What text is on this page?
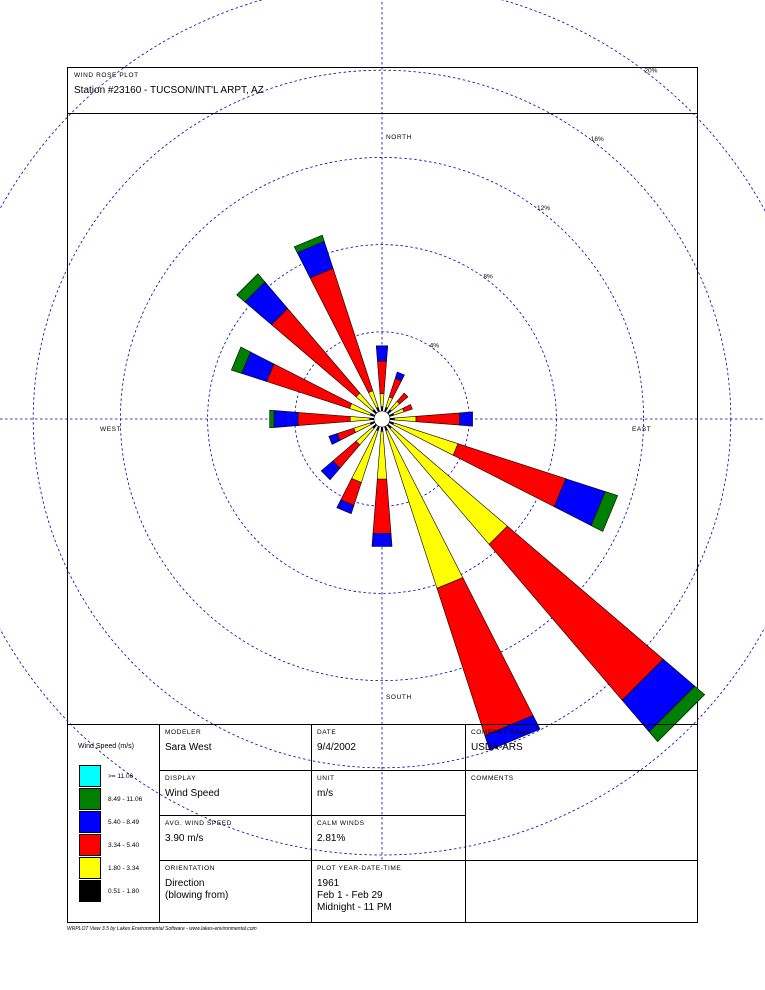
WIND ROSE PLOT
Station #23160 - TUCSON/INT'L ARPT, AZ
4%
8%
12%
16%
20%
NORTH
SOUTH
EAST
WEST
Wind Speed (m/s)
>= 11.06
8.49 - 11.06
5.40 - 8.49
3.34 - 5.40
1.80 - 3.34
0.51 - 1.80
MODELER
Sara West
DATE
9/4/2002
COMPANY NAME
USDA-ARS
DISPLAY
Wind Speed
UNIT
m/s
COMMENTS
AVG. WIND SPEED
3.90 m/s
CALM WINDS
2.81%
ORIENTATION
Direction
(blowing from)
PLOT YEAR-DATE-TIME
1961
Feb 1 - Feb 29
Midnight - 11 PM
WRPLOT View 3.5 by Lakes Environmental Software - www.lakes-environmental.com
